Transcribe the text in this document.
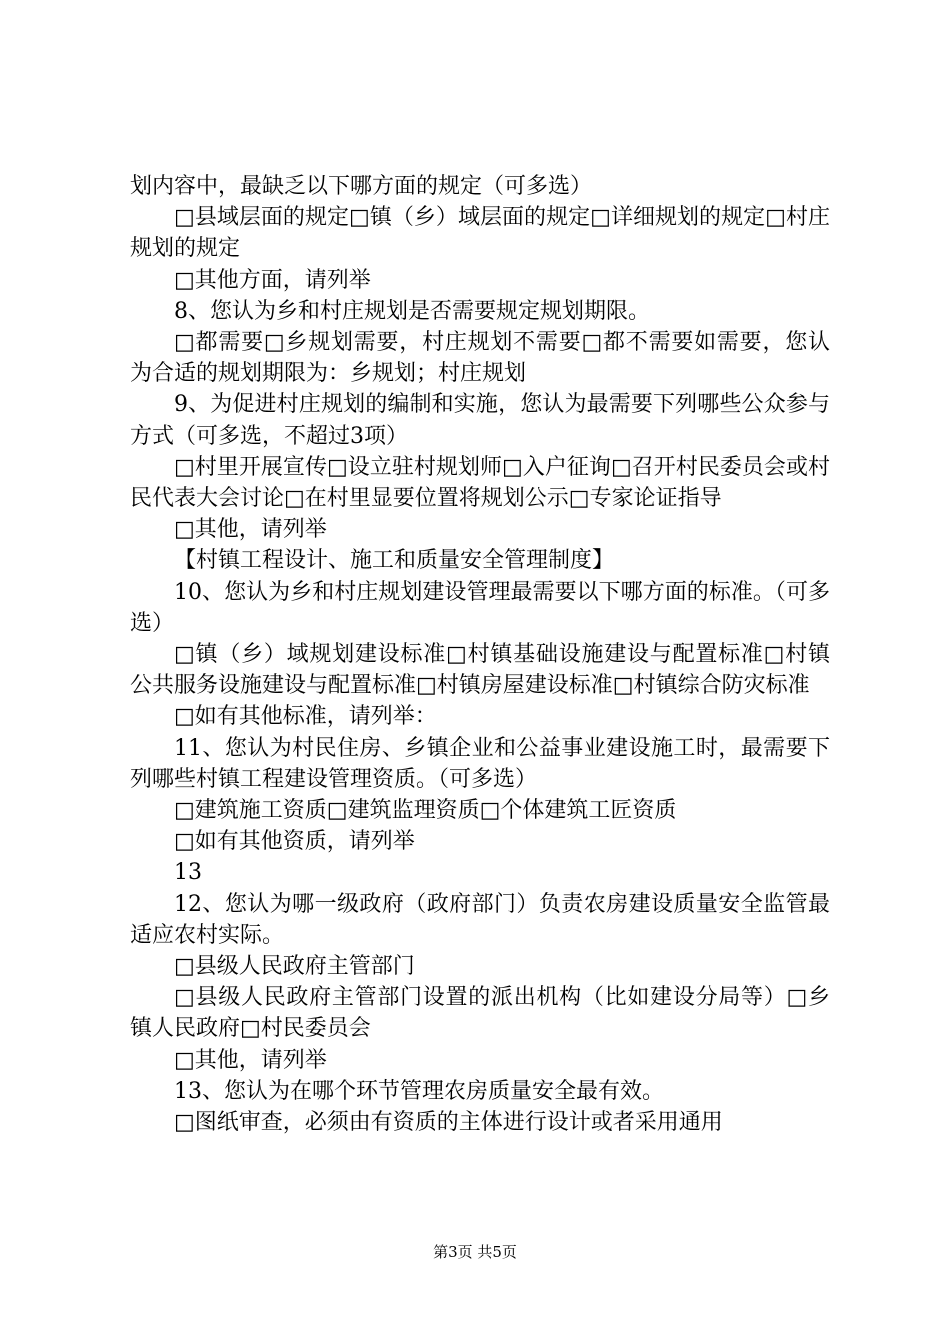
划内容中，最缺乏以下哪方面的规定（可多选）

□县域层面的规定□镇（乡）域层面的规定□详细规划的规定□村庄规划的规定

□其他方面，请列举

8、您认为乡和村庄规划是否需要规定规划期限。

□都需要□乡规划需要，村庄规划不需要□都不需要如需要，您认为合适的规划期限为：乡规划；村庄规划

9、为促进村庄规划的编制和实施，您认为最需要下列哪些公众参与方式（可多选，不超过3项）

□村里开展宣传□设立驻村规划师□入户征询□召开村民委员会或村民代表大会讨论□在村里显要位置将规划公示□专家论证指导

□其他，请列举

【村镇工程设计、施工和质量安全管理制度】

10、您认为乡和村庄规划建设管理最需要以下哪方面的标准。（可多选）

□镇（乡）域规划建设标准□村镇基础设施建设与配置标准□村镇公共服务设施建设与配置标准□村镇房屋建设标准□村镇综合防灾标准

□如有其他标准，请列举：

11、您认为村民住房、乡镇企业和公益事业建设施工时，最需要下列哪些村镇工程建设管理资质。（可多选）

□建筑施工资质□建筑监理资质□个体建筑工匠资质

□如有其他资质，请列举

13

12、您认为哪一级政府（政府部门）负责农房建设质量安全监管最适应农村实际。

□县级人民政府主管部门

□县级人民政府主管部门设置的派出机构（比如建设分局等）□乡镇人民政府□村民委员会

□其他，请列举

13、您认为在哪个环节管理农房质量安全最有效。

□图纸审查，必须由有资质的主体进行设计或者采用通用

第3页 共5页
